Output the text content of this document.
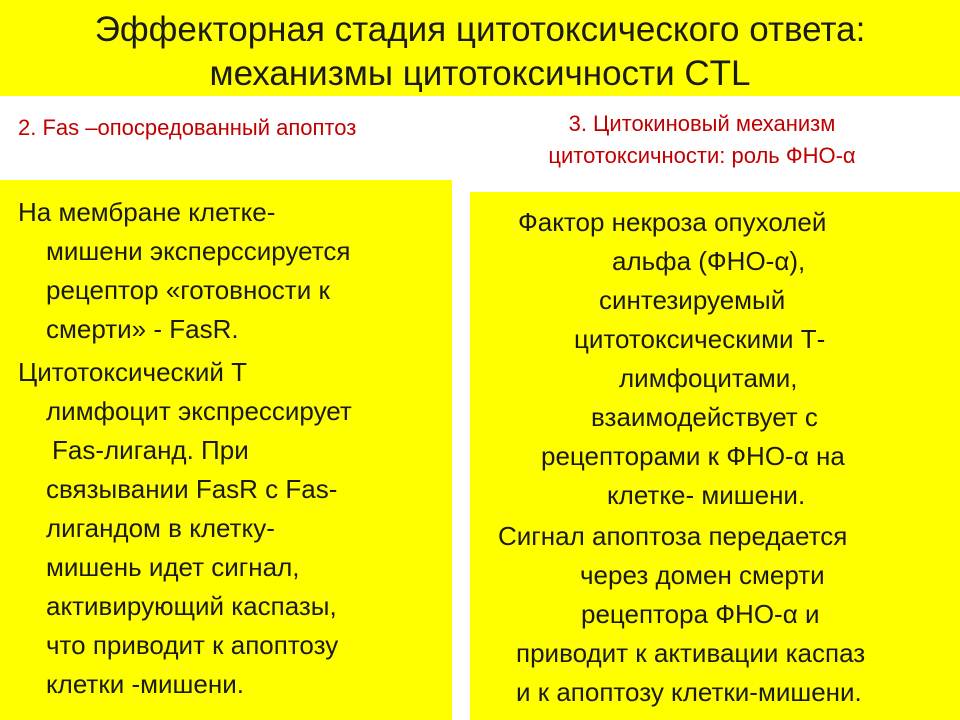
Эффекторная стадия цитотоксического ответа:
механизмы цитотоксичности CTL
2. Fas –опосредованный апоптоз	3. Цитокиновый механизм
цитотоксичности: роль ФНО-α
На мембране клетке-
мишени эксперссируется
рецептор «готовности к
смерти» - FasR.
Цитотоксический Т
лимфоцит экспрессирует
Fas-лиганд. При
связывании FasR с Fas-
лигандом в клетку-
мишень идет сигнал,
активирующий каспазы,
что приводит к апоптозу
клетки -мишени.
Фактор некроза опухолей
альфа (ФНО-α),
синтезируемый
цитотоксическими Т-
лимфоцитами,
взаимодействует с
рецепторами к ФНО-α на
клетке- мишени.
Сигнал апоптоза передается
через домен смерти
рецептора ФНО-α и
приводит к активации каспаз
и к апоптозу клетки-мишени.
